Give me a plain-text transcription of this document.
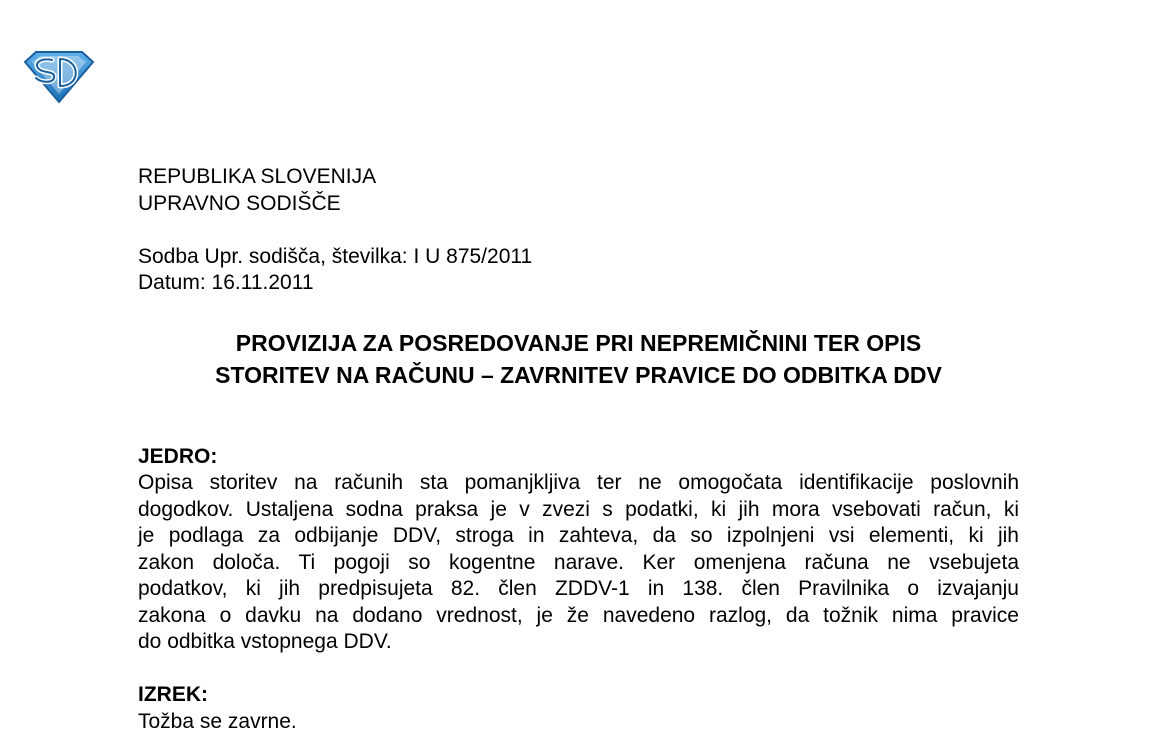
REPUBLIKA SLOVENIJA
UPRAVNO SODIŠČE
Sodba Upr. sodišča, številka: I U 875/2011
Datum: 16.11.2011
PROVIZIJA ZA POSREDOVANJE PRI NEPREMIČNINI TER OPIS
STORITEV NA RAČUNU – ZAVRNITEV PRAVICE DO ODBITKA DDV
JEDRO:
Opisa storitev na računih sta pomanjkljiva ter ne omogočata identifikacije poslovnih
dogodkov. Ustaljena sodna praksa je v zvezi s podatki, ki jih mora vsebovati račun, ki
je podlaga za odbijanje DDV, stroga in zahteva, da so izpolnjeni vsi elementi, ki jih
zakon določa. Ti pogoji so kogentne narave. Ker omenjena računa ne vsebujeta
podatkov, ki jih predpisujeta 82. člen ZDDV-1 in 138. člen Pravilnika o izvajanju
zakona o davku na dodano vrednost, je že navedeno razlog, da tožnik nima pravice
do odbitka vstopnega DDV.
IZREK:
Tožba se zavrne.
